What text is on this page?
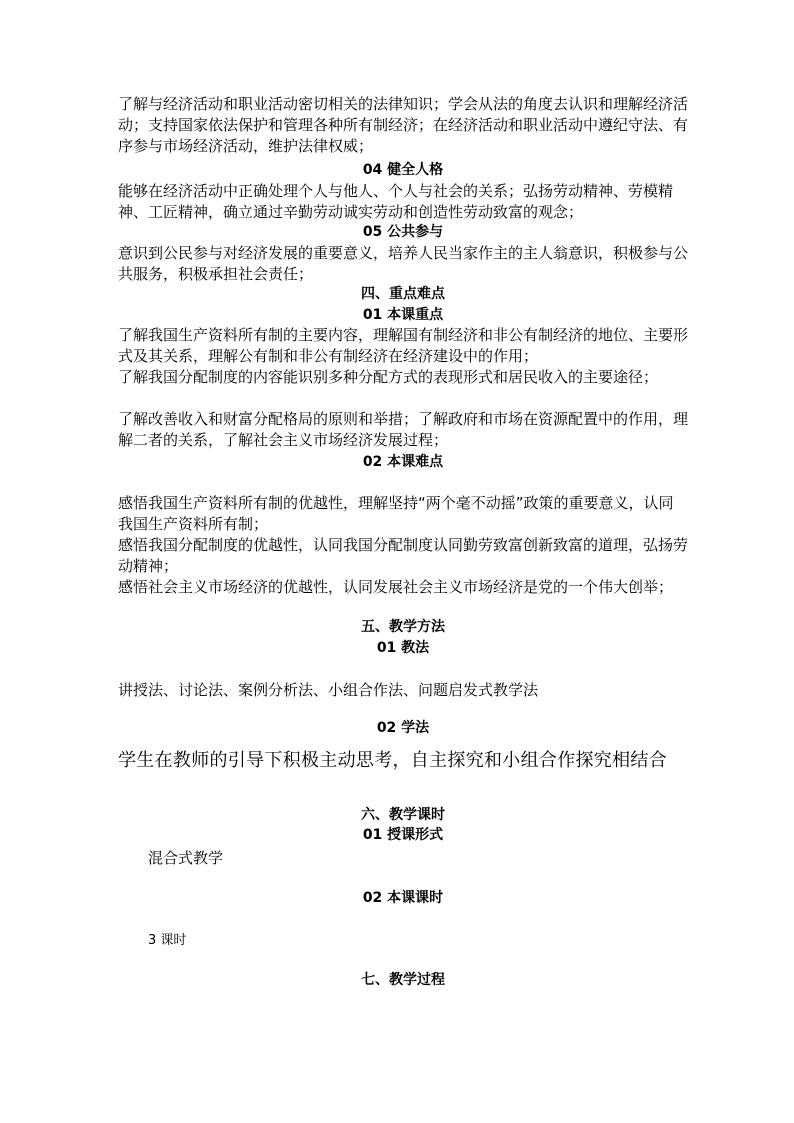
了解与经济活动和职业活动密切相关的法律知识；学会从法的角度去认识和理解经济活动；支持国家依法保护和管理各种所有制经济；在经济活动和职业活动中遵纪守法、有序参与市场经济活动，维护法律权威；

04 健全人格

能够在经济活动中正确处理个人与他人、个人与社会的关系；弘扬劳动精神、劳模精神、工匠精神，确立通过辛勤劳动诚实劳动和创造性劳动致富的观念；

05 公共参与

意识到公民参与对经济发展的重要意义，培养人民当家作主的主人翁意识，积极参与公共服务，积极承担社会责任；

四、重点难点

01 本课重点

了解我国生产资料所有制的主要内容，理解国有制经济和非公有制经济的地位、主要形式及其关系，理解公有制和非公有制经济在经济建设中的作用；

了解我国分配制度的内容能识别多种分配方式的表现形式和居民收入的主要途径；

了解改善收入和财富分配格局的原则和举措；了解政府和市场在资源配置中的作用，理解二者的关系，了解社会主义市场经济发展过程；

02 本课难点

感悟我国生产资料所有制的优越性，理解坚持“两个毫不动摇”政策的重要意义，认同我国生产资料所有制；

感悟我国分配制度的优越性，认同我国分配制度认同勤劳致富创新致富的道理，弘扬劳动精神；

感悟社会主义市场经济的优越性，认同发展社会主义市场经济是党的一个伟大创举；

五、教学方法

01 教法

讲授法、讨论法、案例分析法、小组合作法、问题启发式教学法

02 学法

学生在教师的引导下积极主动思考，自主探究和小组合作探究相结合

六、教学课时

01 授课形式

混合式教学

02 本课课时

3 课时

七、教学过程
